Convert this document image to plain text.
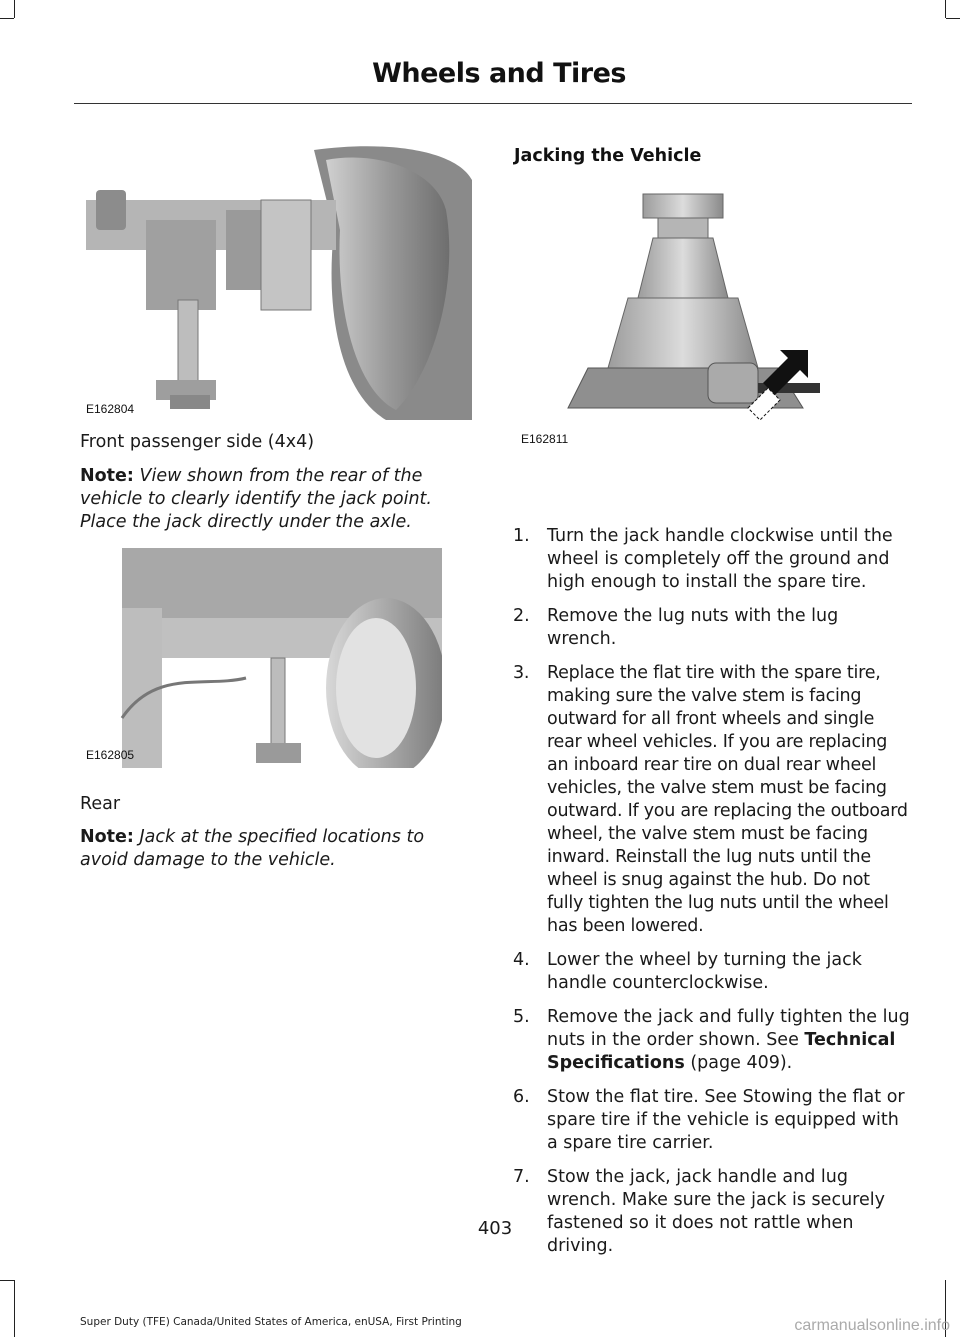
Wheels and Tires
E162804
Front passenger side (4x4)
Note: View shown from the rear of the vehicle to clearly identify the jack point. Place the jack directly under the axle.
E162805
Rear
Note: Jack at the specified locations to avoid damage to the vehicle.
Jacking the Vehicle
E162811
1. Turn the jack handle clockwise until the wheel is completely off the ground and high enough to install the spare tire.
2. Remove the lug nuts with the lug wrench.
3. Replace the flat tire with the spare tire, making sure the valve stem is facing outward for all front wheels and single rear wheel vehicles. If you are replacing an inboard rear tire on dual rear wheel vehicles, the valve stem must be facing outward. If you are replacing the outboard wheel, the valve stem must be facing inward. Reinstall the lug nuts until the wheel is snug against the hub. Do not fully tighten the lug nuts until the wheel has been lowered.
4. Lower the wheel by turning the jack handle counterclockwise.
5. Remove the jack and fully tighten the lug nuts in the order shown. See Technical Specifications (page 409).
6. Stow the flat tire. See Stowing the flat or spare tire if the vehicle is equipped with a spare tire carrier.
7. Stow the jack, jack handle and lug wrench. Make sure the jack is securely fastened so it does not rattle when driving.
403
Super Duty (TFE) Canada/United States of America, enUSA, First Printing	carmanualsonline.info
